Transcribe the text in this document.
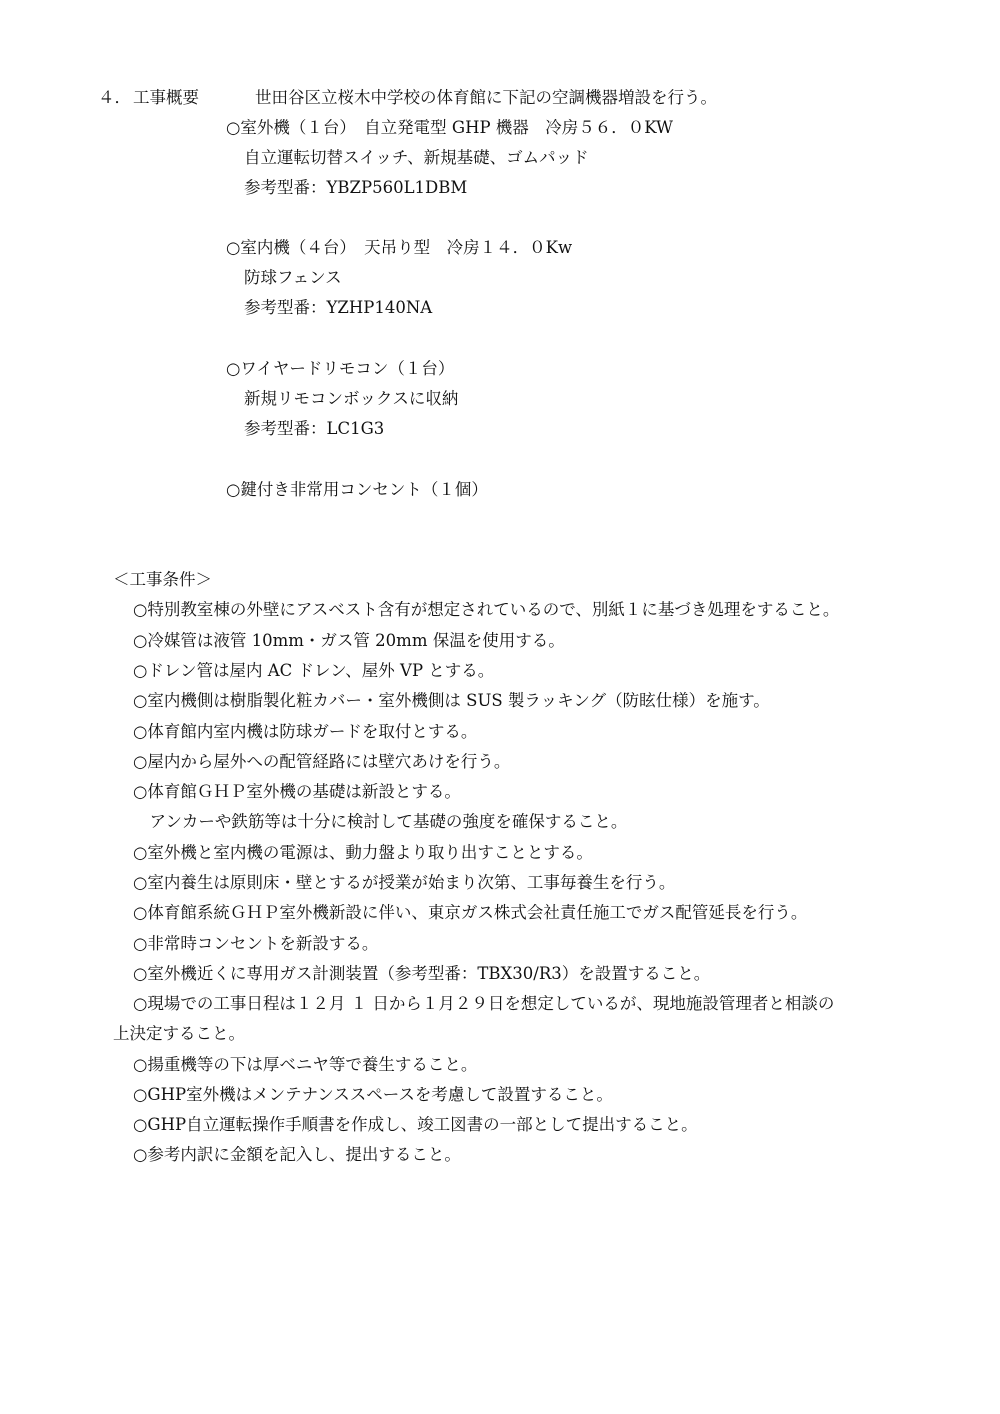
４． 工事概要	世田谷区立桜木中学校の体育館に下記の空調機器増設を行う。
○室外機（１台）　自立発電型 GHP 機器　冷房５６．０KW
自立運転切替スイッチ、新規基礎、ゴムパッド
参考型番：YBZP560L1DBM
○室内機（４台）　天吊り型　冷房１４．０Kw
防球フェンス
参考型番：YZHP140NA
○ワイヤードリモコン（１台）
新規リモコンボックスに収納
参考型番：LC1G3
○鍵付き非常用コンセント（１個）
＜工事条件＞
○特別教室棟の外壁にアスベスト含有が想定されているので、別紙１に基づき処理をすること。
○冷媒管は液管 10mm・ガス管 20mm 保温を使用する。
○ドレン管は屋内 AC ドレン、屋外 VP とする。
○室内機側は樹脂製化粧カバー・室外機側は SUS 製ラッキング（防眩仕様）を施す。
○体育館内室内機は防球ガードを取付とする。
○屋内から屋外への配管経路には壁穴あけを行う。
○体育館ＧＨＰ室外機の基礎は新設とする。
　アンカーや鉄筋等は十分に検討して基礎の強度を確保すること。
○室外機と室内機の電源は、動力盤より取り出すこととする。
○室内養生は原則床・壁とするが授業が始まり次第、工事毎養生を行う。
○体育館系統ＧＨＰ室外機新設に伴い、東京ガス株式会社責任施工でガス配管延長を行う。
○非常時コンセントを新設する。
○室外機近くに専用ガス計測装置（参考型番：TBX30/R3）を設置すること。
○現場での工事日程は１２月 １ 日から１月２９日を想定しているが、現地施設管理者と相談の
上決定すること。
○揚重機等の下は厚ベニヤ等で養生すること。
○GHP室外機はメンテナンススペースを考慮して設置すること。
○GHP自立運転操作手順書を作成し、竣工図書の一部として提出すること。
○参考内訳に金額を記入し、提出すること。
